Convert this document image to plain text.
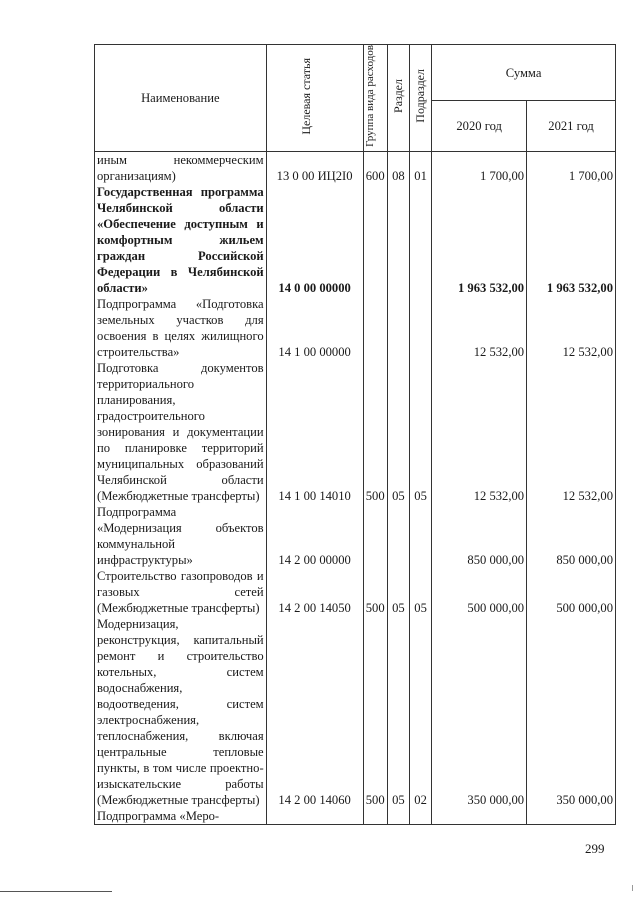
Наименование	Целевая статья	Группа вида расходов	Раздел	Подраздел	Сумма	
					2020 год	2021 год
иным некоммерческим организациям)	13 0 00 ИЦ2I0	600	08	01	1 700,00	1 700,00
Государственная программа Челябинской области «Обеспечение доступным и комфортным жильем граждан Российской Федерации в Челябинской области»	14 0 00 00000				1 963 532,00	1 963 532,00
Подпрограмма «Подготовка земельных участков для освоения в целях жилищного строительства»	14 1 00 00000				12 532,00	12 532,00
Подготовка документов территориального планирования, градостроительного зонирования и документации по планировке территорий муниципальных образований Челябинской области (Межбюджетные трансферты)	14 1 00 14010	500	05	05	12 532,00	12 532,00
Подпрограмма «Модернизация объектов коммунальной инфраструктуры»	14 2 00 00000				850 000,00	850 000,00
Строительство газопроводов и газовых сетей (Межбюджетные трансферты)	14 2 00 14050	500	05	05	500 000,00	500 000,00
Модернизация, реконструкция, капитальный ремонт и строительство котельных, систем водоснабжения, водоотведения, систем электроснабжения, теплоснабжения, включая центральные тепловые пункты, в том числе проектно-изыскательские работы (Межбюджетные трансферты)	14 2 00 14060	500	05	02	350 000,00	350 000,00
Подпрограмма «Меро-						
299
